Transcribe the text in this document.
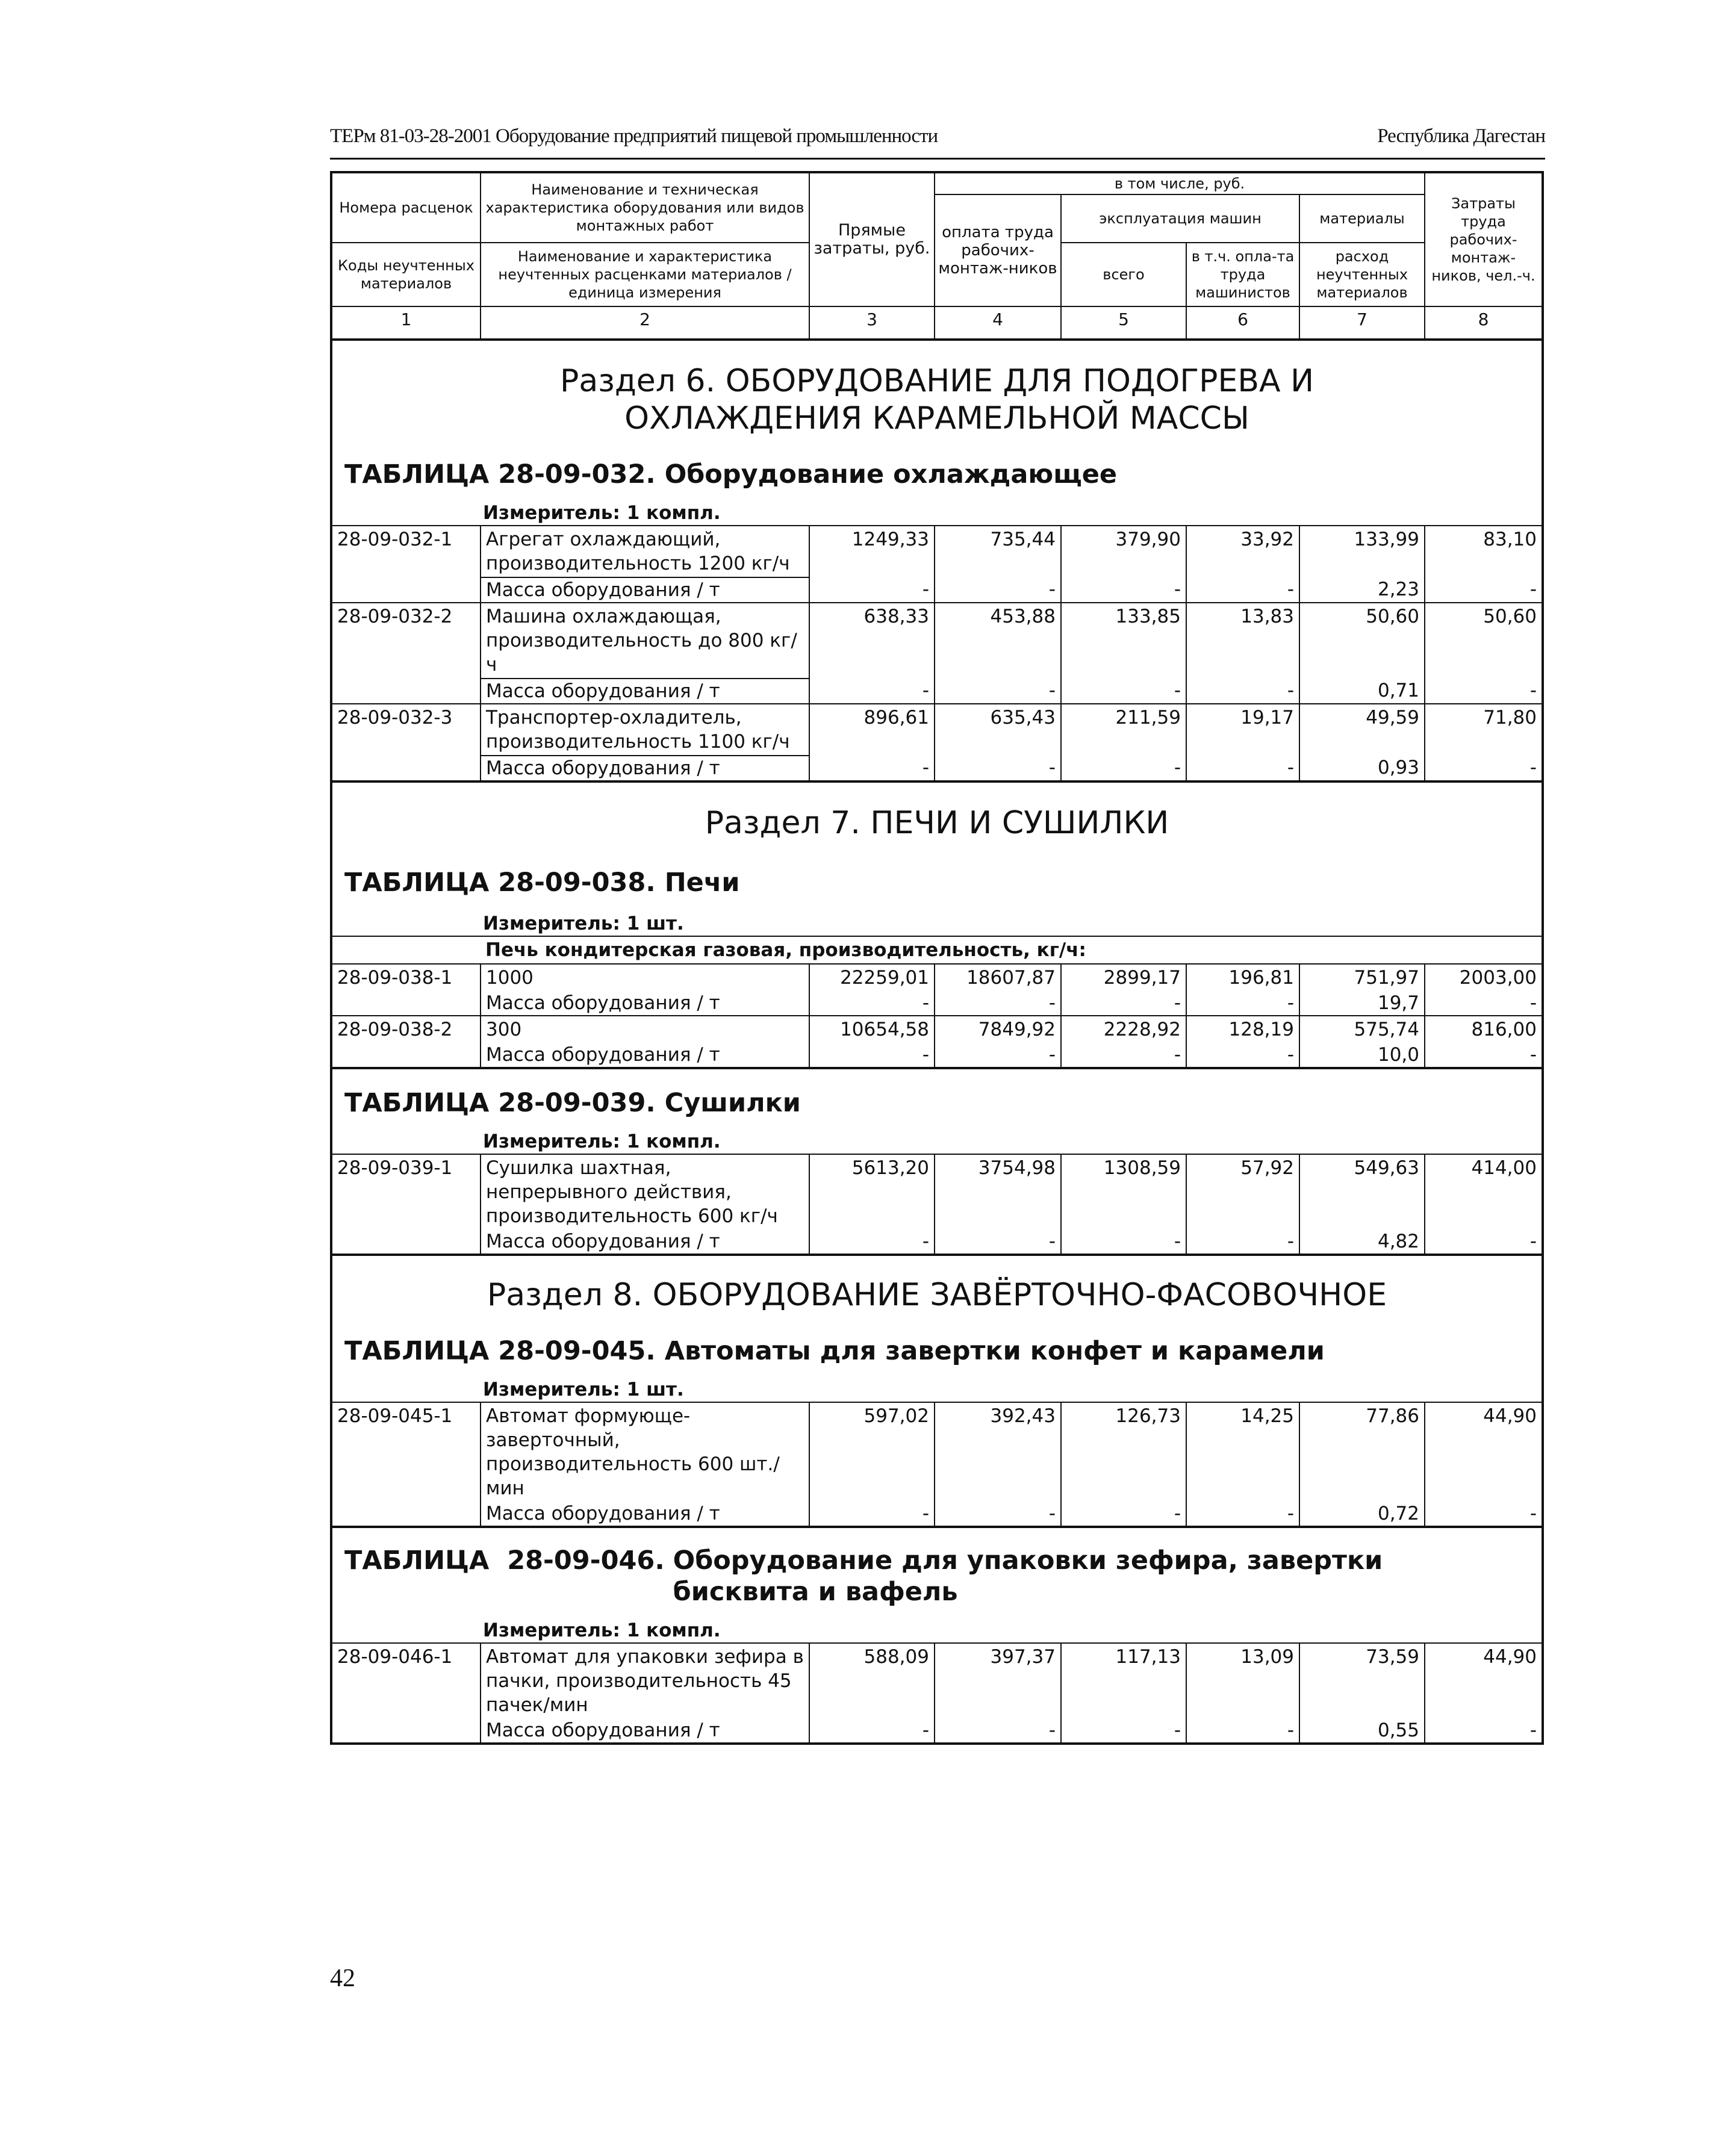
ТЕРм 81-03-28-2001 Оборудование предприятий пищевой промышленности	Республика Дагестан
Номера расценок	Наименование и техническая характеристика оборудования или видов монтажных работ	Прямые затраты, руб.	в том числе, руб.				Затраты труда рабочих-монтаж-ников, чел.-ч.
			оплата труда рабочих-монтаж-ников	эксплуатация машин		материалы	
Коды неучтенных материалов	Наименование и характеристика неучтенных расценками материалов / единица измерения			всего	в т.ч. опла-та труда машинистов	расход неучтенных материалов	

1	2	3	4	5	6	7	8

Раздел 6. ОБОРУДОВАНИЕ ДЛЯ ПОДОГРЕВА И ОХЛАЖДЕНИЯ КАРАМЕЛЬНОЙ МАССЫ
ТАБЛИЦА 28-09-032. Оборудование охлаждающее
Измеритель: 1 компл.							

28-09-032-1	Агрегат охлаждающий, производительность 1200 кг/ч	1249,33	735,44	379,90	33,92	133,99	83,10
	Масса оборудования / т	-	-	-	-	2,23	-
28-09-032-2	Машина охлаждающая, производительность до 800 кг/ч	638,33	453,88	133,85	13,83	50,60	50,60
	Масса оборудования / т	-	-	-	-	0,71	-
28-09-032-3	Транспортер-охладитель, производительность 1100 кг/ч	896,61	635,43	211,59	19,17	49,59	71,80
	Масса оборудования / т	-	-	-	-	0,93	-

Раздел 7. ПЕЧИ И СУШИЛКИ
ТАБЛИЦА 28-09-038. Печи
Измеритель: 1 шт.							

Печь кондитерская газовая, производительность, кг/ч:							
28-09-038-1	1000	22259,01	18607,87	2899,17	196,81	751,97	2003,00
	Масса оборудования / т	-	-	-	-	19,7	-
28-09-038-2	300	10654,58	7849,92	2228,92	128,19	575,74	816,00
	Масса оборудования / т	-	-	-	-	10,0	-

ТАБЛИЦА 28-09-039. Сушилки
Измеритель: 1 компл.							

28-09-039-1	Сушилка шахтная, непрерывного действия, производительность 600 кг/ч	5613,20	3754,98	1308,59	57,92	549,63	414,00
	Масса оборудования / т	-	-	-	-	4,82	-

Раздел 8. ОБОРУДОВАНИЕ ЗАВЁРТОЧНО-ФАСОВОЧНОЕ
ТАБЛИЦА 28-09-045. Автоматы для завертки конфет и карамели
Измеритель: 1 шт.							

28-09-045-1	Автомат формующе-заверточный, производительность 600 шт./мин	597,02	392,43	126,73	14,25	77,86	44,90
	Масса оборудования / т	-	-	-	-	0,72	-

ТАБЛИЦА  28-09-046. Оборудование для упаковки зефира, завертки бисквита и вафель
Измеритель: 1 компл.							

28-09-046-1	Автомат для упаковки зефира в пачки, производительность 45 пачек/мин	588,09	397,37	117,13	13,09	73,59	44,90
	Масса оборудования / т	-	-	-	-	0,55	-
42
